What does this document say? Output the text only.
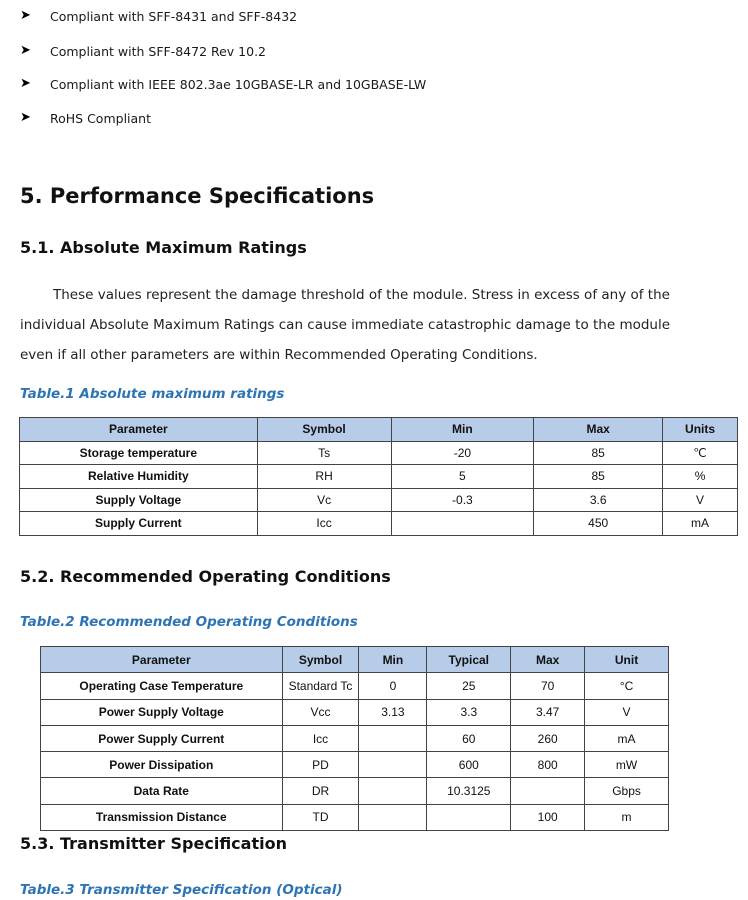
➤ Compliant with SFF-8431 and SFF-8432
➤ Compliant with SFF-8472 Rev 10.2
➤ Compliant with IEEE 802.3ae 10GBASE-LR and 10GBASE-LW
➤ RoHS Compliant
5. Performance Specifications
5.1. Absolute Maximum Ratings
These values represent the damage threshold of the module. Stress in excess of any of the
individual Absolute Maximum Ratings can cause immediate catastrophic damage to the module
even if all other parameters are within Recommended Operating Conditions.
Table.1 Absolute maximum ratings
Parameter	Symbol	Min	Max	Units
Storage temperature	Ts	-20	85	℃
Relative Humidity	RH	5	85	%
Supply Voltage	Vc	-0.3	3.6	V
Supply Current	Icc		450	mA
5.2. Recommended Operating Conditions
Table.2 Recommended Operating Conditions
Parameter	Symbol	Min	Typical	Max	Unit
Operating Case Temperature	Standard Tc	0	25	70	°C
Power Supply Voltage	Vcc	3.13	3.3	3.47	V
Power Supply Current	Icc		60	260	mA
Power Dissipation	PD		600	800	mW
Data Rate	DR		10.3125		Gbps
Transmission Distance	TD			100	m
5.3. Transmitter Specification
Table.3 Transmitter Specification (Optical)
